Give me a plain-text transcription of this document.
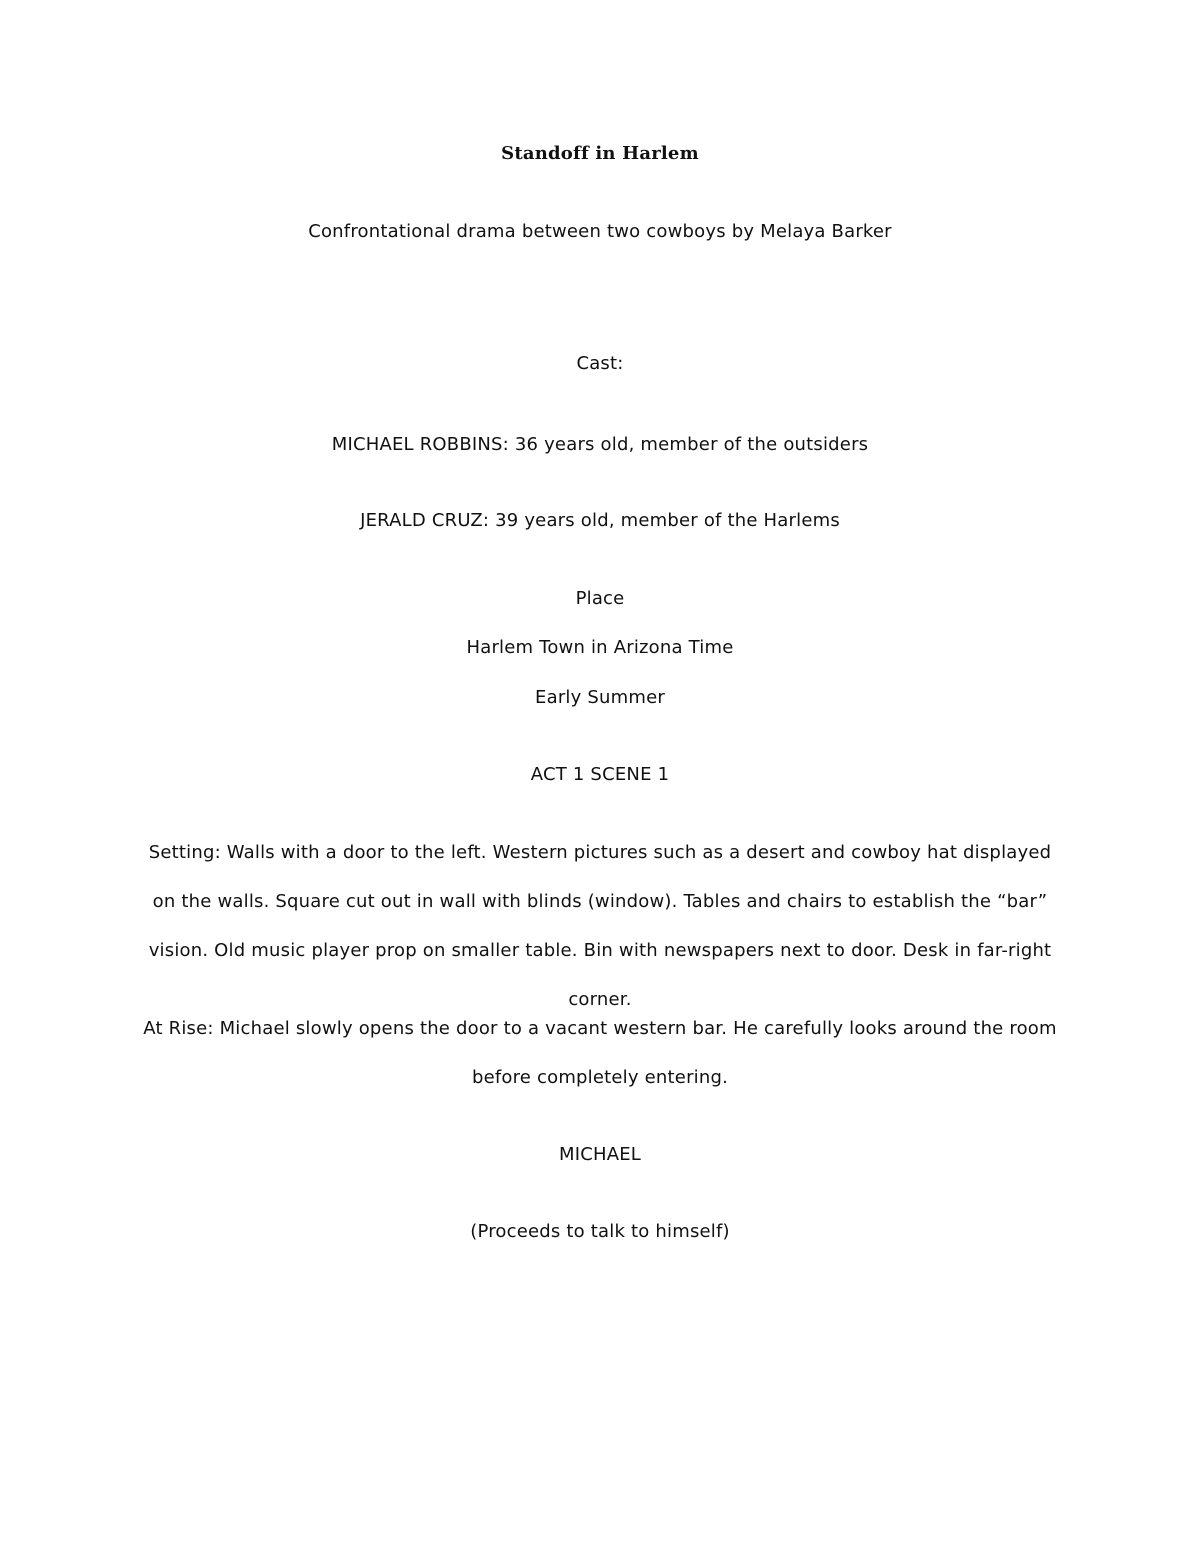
Standoff in Harlem
Confrontational drama between two cowboys by Melaya Barker
Cast:
MICHAEL ROBBINS: 36 years old, member of the outsiders
JERALD CRUZ: 39 years old, member of the Harlems
Place
Harlem Town in Arizona Time
Early Summer
ACT 1 SCENE 1
Setting: Walls with a door to the left. Western pictures such as a desert and cowboy hat displayed on the walls. Square cut out in wall with blinds (window). Tables and chairs to establish the “bar” vision. Old music player prop on smaller table. Bin with newspapers next to door. Desk in far-right corner.
At Rise: Michael slowly opens the door to a vacant western bar. He carefully looks around the room before completely entering.
MICHAEL
(Proceeds to talk to himself)
